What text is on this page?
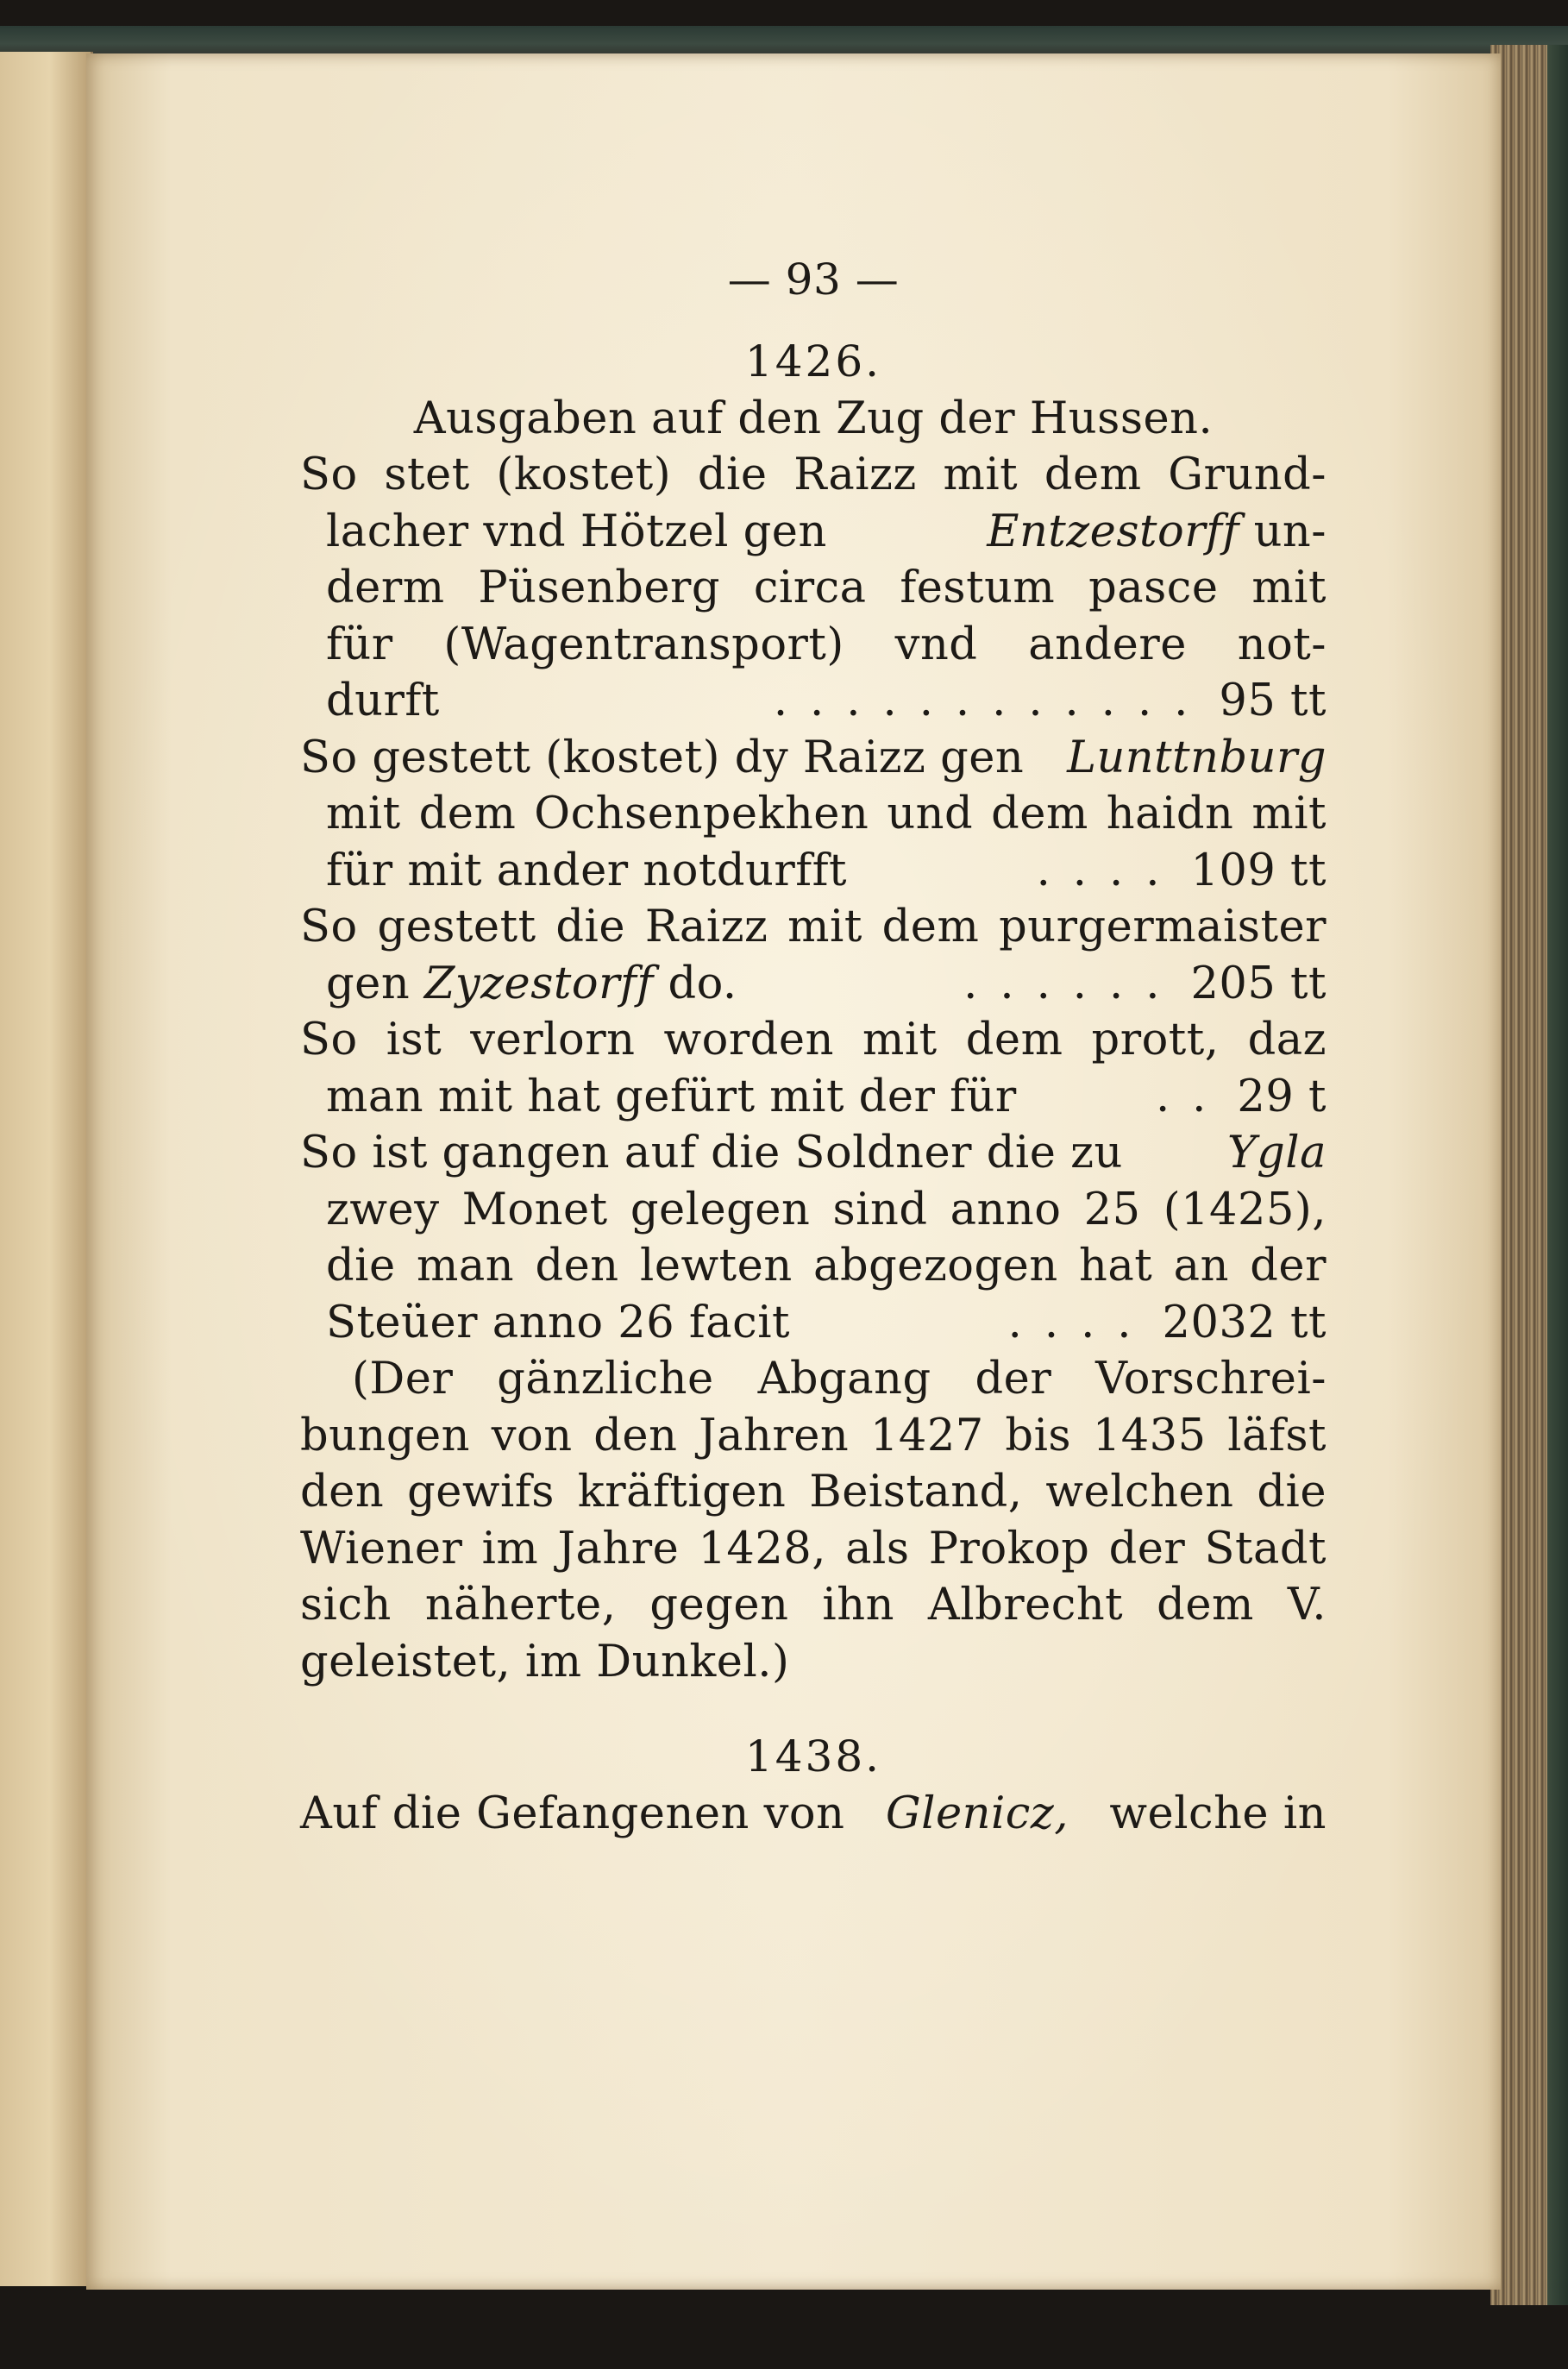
— 93 —
1426.
Ausgaben auf den Zug der Hussen.
So stet (kostet) die Raizz mit dem Grund-
lacher vnd Hötzel gen	Entzestorff un-
derm Püsenberg circa festum pasce mit
für (Wagentransport) vnd andere not-
durft	............ 95 tt
So gestett (kostet) dy Raizz gen Lunttnburg
mit dem Ochsenpekhen und dem haidn mit
für mit ander notdurfft	.... 109 tt
So gestett die Raizz mit dem purgermaister
gen Zyzestorff do.	...... 205 tt
So ist verlorn worden mit dem prott, daz
man mit hat gefürt mit der für	.. 29 t
So ist gangen auf die Soldner die zu Ygla
zwey Monet gelegen sind anno 25 (1425),
die man den lewten abgezogen hat an der
Steüer anno 26 facit	.... 2032 tt
(Der gänzliche Abgang der Vorschrei-
bungen von den Jahren 1427 bis 1435 läfst
den gewifs kräftigen Beistand, welchen die
Wiener im Jahre 1428, als Prokop der Stadt
sich näherte, gegen ihn Albrecht dem V.
geleistet, im Dunkel.)
1438.
Auf die Gefangenen von Glenicz, welche in
